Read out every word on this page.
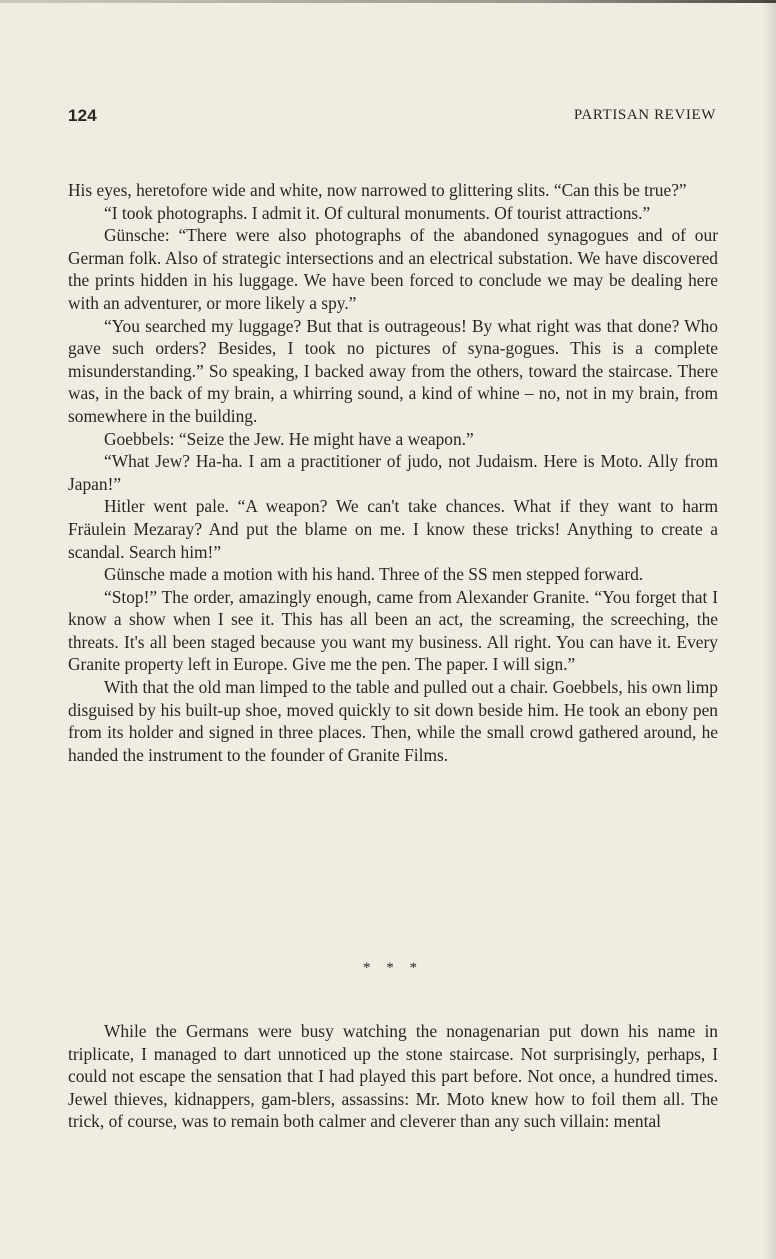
124	PARTISAN REVIEW

His eyes, heretofore wide and white, now narrowed to glittering slits. “Can this be true?”

“I took photographs. I admit it. Of cultural monuments. Of tourist attractions.”

Günsche: “There were also photographs of the abandoned synagogues and of our German folk. Also of strategic intersections and an electrical substation. We have discovered the prints hidden in his luggage. We have been forced to conclude we may be dealing here with an adventurer, or more likely a spy.”

“You searched my luggage? But that is outrageous! By what right was that done? Who gave such orders? Besides, I took no pictures of syna-gogues. This is a complete misunderstanding.” So speaking, I backed away from the others, toward the staircase. There was, in the back of my brain, a whirring sound, a kind of whine – no, not in my brain, from somewhere in the building.

Goebbels: “Seize the Jew. He might have a weapon.”

“What Jew? Ha-ha. I am a practitioner of judo, not Judaism. Here is Moto. Ally from Japan!”

Hitler went pale. “A weapon? We can't take chances. What if they want to harm Fräulein Mezaray? And put the blame on me. I know these tricks! Anything to create a scandal. Search him!”

Günsche made a motion with his hand. Three of the SS men stepped forward.

“Stop!” The order, amazingly enough, came from Alexander Granite. “You forget that I know a show when I see it. This has all been an act, the screaming, the screeching, the threats. It's all been staged because you want my business. All right. You can have it. Every Granite property left in Europe. Give me the pen. The paper. I will sign.”

With that the old man limped to the table and pulled out a chair. Goebbels, his own limp disguised by his built-up shoe, moved quickly to sit down beside him. He took an ebony pen from its holder and signed in three places. Then, while the small crowd gathered around, he handed the instrument to the founder of Granite Films.

* * *

While the Germans were busy watching the nonagenarian put down his name in triplicate, I managed to dart unnoticed up the stone staircase. Not surprisingly, perhaps, I could not escape the sensation that I had played this part before. Not once, a hundred times. Jewel thieves, kidnappers, gam-blers, assassins: Mr. Moto knew how to foil them all. The trick, of course, was to remain both calmer and cleverer than any such villain: mental
